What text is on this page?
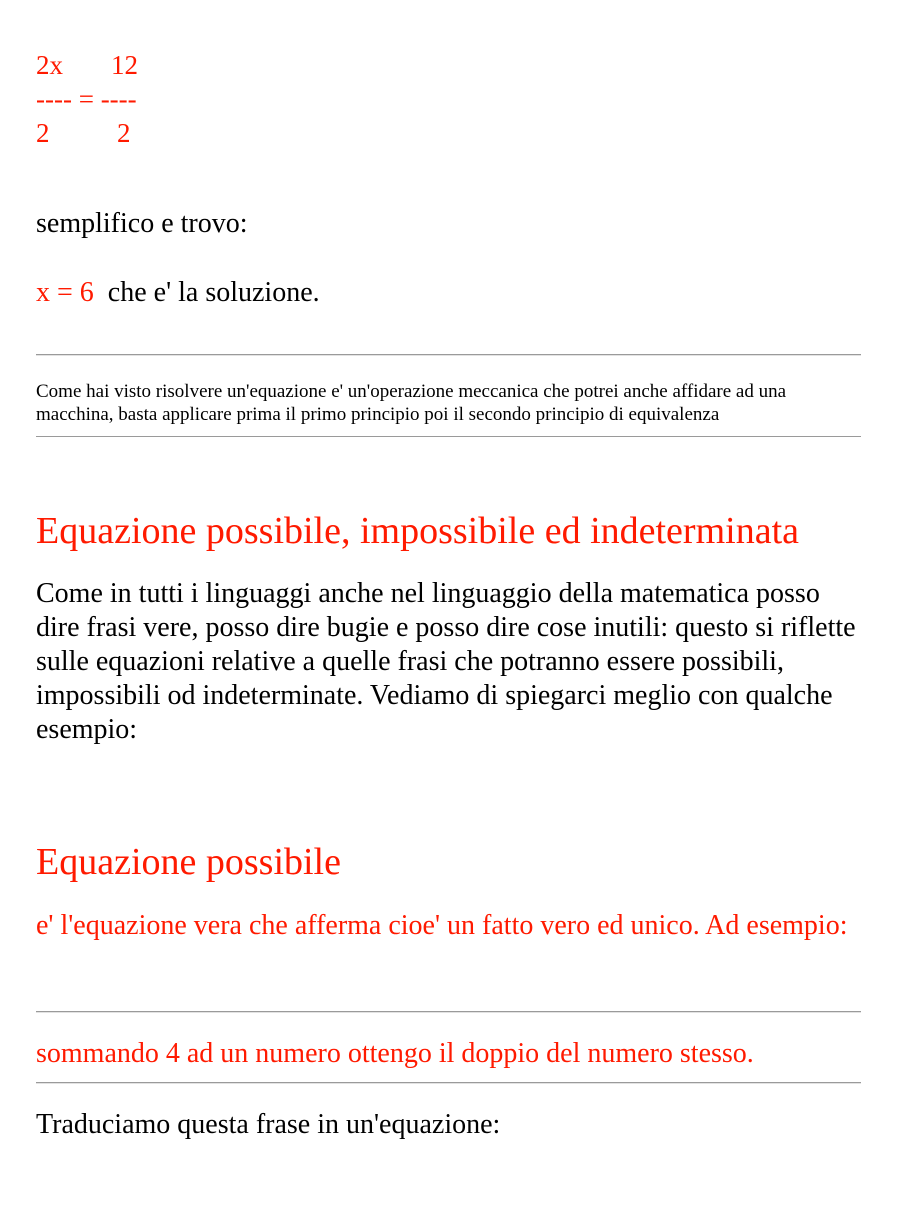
2x 12
---- = ----
2	2

semplifico e trovo:

x = 6 che e' la soluzione.

Come hai visto risolvere un'equazione e' un'operazione meccanica che potrei anche affidare ad una macchina, basta applicare prima il primo principio poi il secondo principio di equivalenza

Equazione possibile, impossibile ed indeterminata

Come in tutti i linguaggi anche nel linguaggio della matematica posso dire frasi vere, posso dire bugie e posso dire cose inutili: questo si riflette sulle equazioni relative a quelle frasi che potranno essere possibili, impossibili od indeterminate. Vediamo di spiegarci meglio con qualche esempio:

Equazione possibile

e' l'equazione vera che afferma cioe' un fatto vero ed unico. Ad esempio:

sommando 4 ad un numero ottengo il doppio del numero stesso.

Traduciamo questa frase in un'equazione:
